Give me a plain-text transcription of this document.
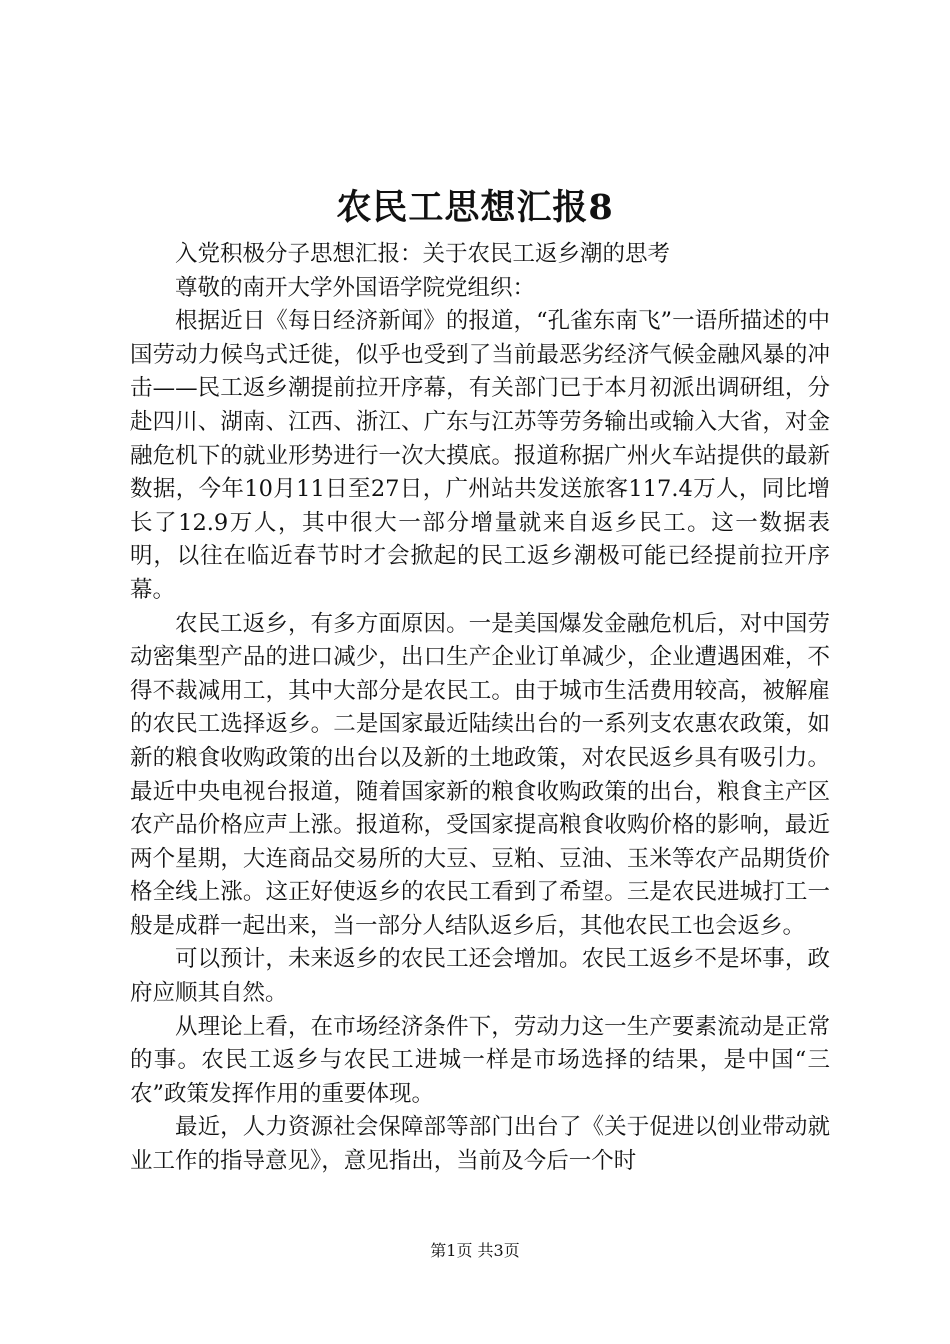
农民工思想汇报8

入党积极分子思想汇报：关于农民工返乡潮的思考

尊敬的南开大学外国语学院党组织：

根据近日《每日经济新闻》的报道，“孔雀东南飞”一语所描述的中国劳动力候鸟式迁徙，似乎也受到了当前最恶劣经济气候金融风暴的冲击——民工返乡潮提前拉开序幕，有关部门已于本月初派出调研组，分赴四川、湖南、江西、浙江、广东与江苏等劳务输出或输入大省，对金融危机下的就业形势进行一次大摸底。报道称据广州火车站提供的最新数据，今年10月11日至27日，广州站共发送旅客117.4万人，同比增长了12.9万人，其中很大一部分增量就来自返乡民工。这一数据表明，以往在临近春节时才会掀起的民工返乡潮极可能已经提前拉开序幕。

农民工返乡，有多方面原因。一是美国爆发金融危机后，对中国劳动密集型产品的进口减少，出口生产企业订单减少，企业遭遇困难，不得不裁减用工，其中大部分是农民工。由于城市生活费用较高，被解雇的农民工选择返乡。二是国家最近陆续出台的一系列支农惠农政策，如新的粮食收购政策的出台以及新的土地政策，对农民返乡具有吸引力。最近中央电视台报道，随着国家新的粮食收购政策的出台，粮食主产区农产品价格应声上涨。报道称，受国家提高粮食收购价格的影响，最近两个星期，大连商品交易所的大豆、豆粕、豆油、玉米等农产品期货价格全线上涨。这正好使返乡的农民工看到了希望。三是农民进城打工一般是成群一起出来，当一部分人结队返乡后，其他农民工也会返乡。

可以预计，未来返乡的农民工还会增加。农民工返乡不是坏事，政府应顺其自然。

从理论上看，在市场经济条件下，劳动力这一生产要素流动是正常的事。农民工返乡与农民工进城一样是市场选择的结果，是中国“三农”政策发挥作用的重要体现。

最近，人力资源社会保障部等部门出台了《关于促进以创业带动就业工作的指导意见》，意见指出，当前及今后一个时

第1页 共3页
